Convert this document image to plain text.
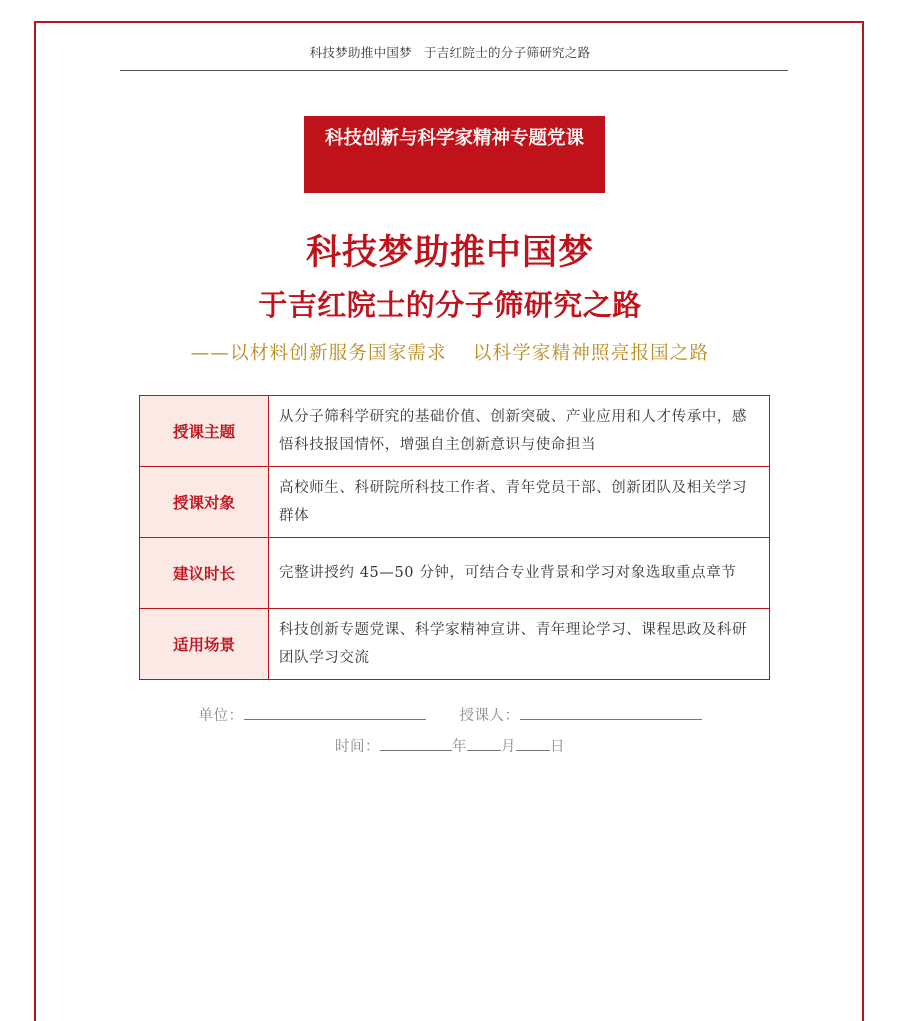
科技梦助推中国梦 于吉红院士的分子筛研究之路
科技创新与科学家精神专题党课
科技梦助推中国梦
于吉红院士的分子筛研究之路
——以材料创新服务国家需求 以科学家精神照亮报国之路
授课主题	从分子筛科学研究的基础价值、创新突破、产业应用和人才传承中，感悟科技报国情怀，增强自主创新意识与使命担当
授课对象	高校师生、科研院所科技工作者、青年党员干部、创新团队及相关学习群体
建议时长	完整讲授约 45—50 分钟，可结合专业背景和学习对象选取重点章节
适用场景	科技创新专题党课、科学家精神宣讲、青年理论学习、课程思政及科研团队学习交流
单位：	授课人：
时间：	年 月 日
